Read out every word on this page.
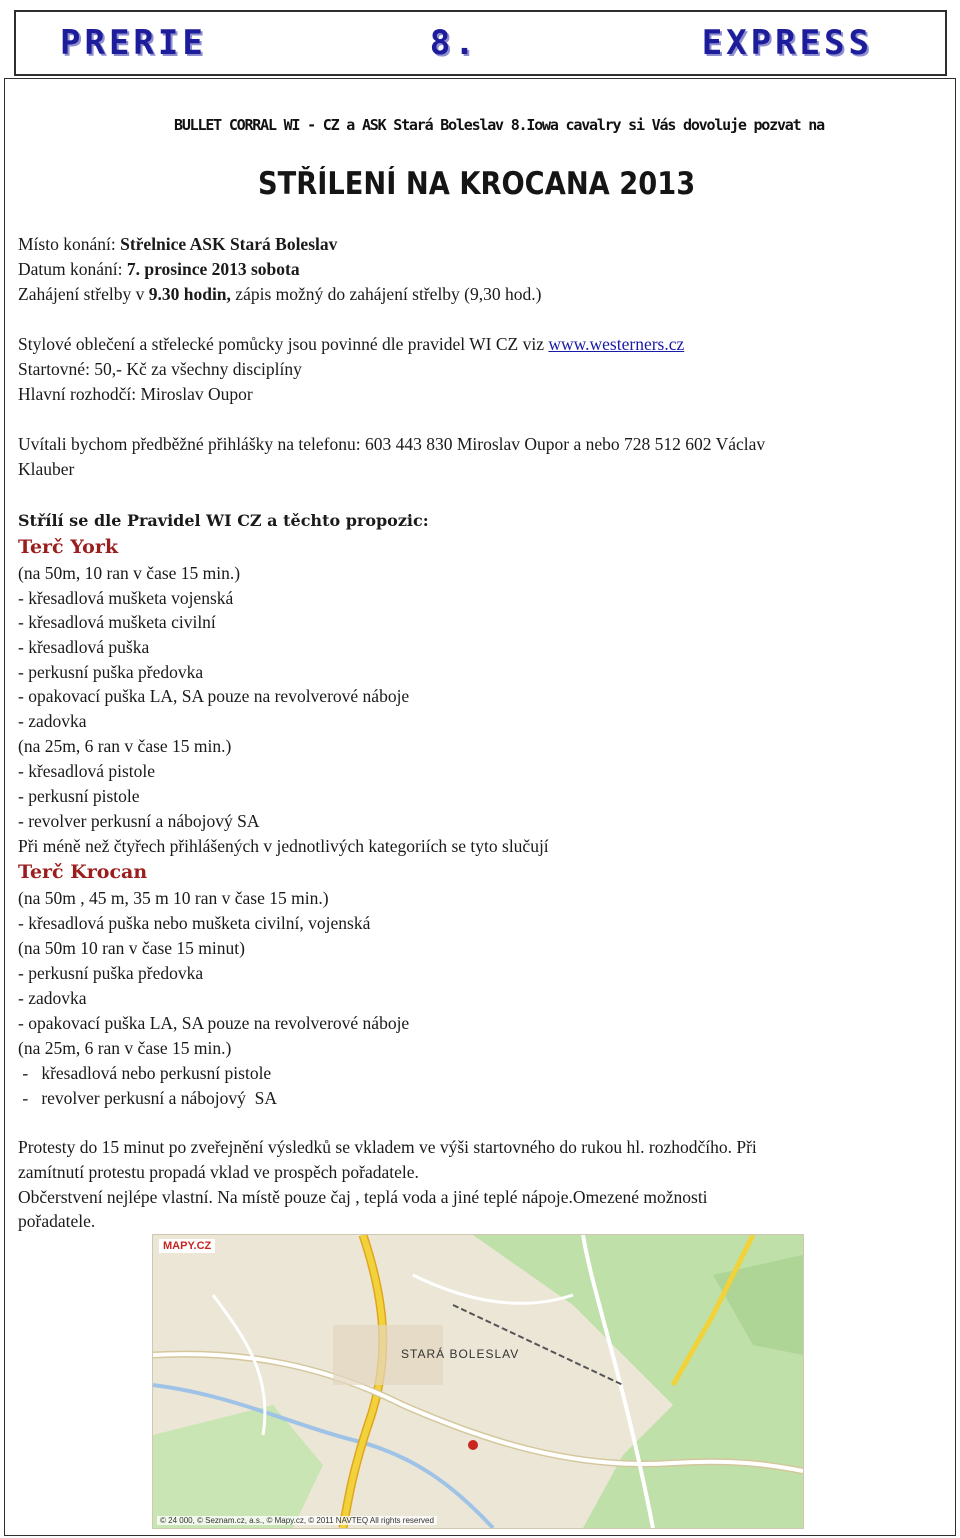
PRERIE	8.	EXPRESS
BULLET CORRAL WI - CZ a ASK Stará Boleslav 8.Iowa cavalry si Vás dovoluje pozvat na
STŘÍLENÍ NA KROCANA 2013
Místo konání: Střelnice ASK Stará Boleslav
Datum konání: 7. prosince 2013 sobota
Zahájení střelby v 9.30 hodin, zápis možný do zahájení střelby (9,30 hod.)
Stylové oblečení a střelecké pomůcky jsou povinné dle pravidel WI CZ viz www.westerners.cz
Startovné: 50,- Kč za všechny disciplíny
Hlavní rozhodčí: Miroslav Oupor
Uvítali bychom předběžné přihlášky na telefonu: 603 443 830 Miroslav Oupor a nebo 728 512 602 Václav
Klauber
Střílí se dle Pravidel WI CZ a těchto propozic:
Terč York
(na 50m, 10 ran v čase 15 min.)
- křesadlová mušketa vojenská
- křesadlová mušketa civilní
- křesadlová puška
- perkusní puška předovka
- opakovací puška LA, SA pouze na revolverové náboje
- zadovka
(na 25m, 6 ran v čase 15 min.)
- křesadlová pistole
- perkusní pistole
- revolver perkusní a nábojový SA
Při méně než čtyřech přihlášených v jednotlivých kategoriích se tyto slučují
Terč Krocan
(na 50m , 45 m, 35 m 10 ran v čase 15 min.)
- křesadlová puška nebo mušketa civilní, vojenská
(na 50m 10 ran v čase 15 minut)
- perkusní puška předovka
- zadovka
- opakovací puška LA, SA pouze na revolverové náboje
(na 25m, 6 ran v čase 15 min.)
-   křesadlová nebo perkusní pistole
-   revolver perkusní a nábojový  SA
Protesty do 15 minut po zveřejnění výsledků se vkladem ve výši startovného do rukou hl. rozhodčího. Při
zamítnutí protestu propadá vklad ve prospěch pořadatele.
Občerstvení nejlépe vlastní. Na místě pouze čaj , teplá voda a jiné teplé nápoje.Omezené možnosti
pořadatele.
MAPY.CZ
STARÁ BOLESLAV
© 24 000, © Seznam.cz, a.s., © Mapy.cz, © 2011 NAVTEQ All rights reserved
